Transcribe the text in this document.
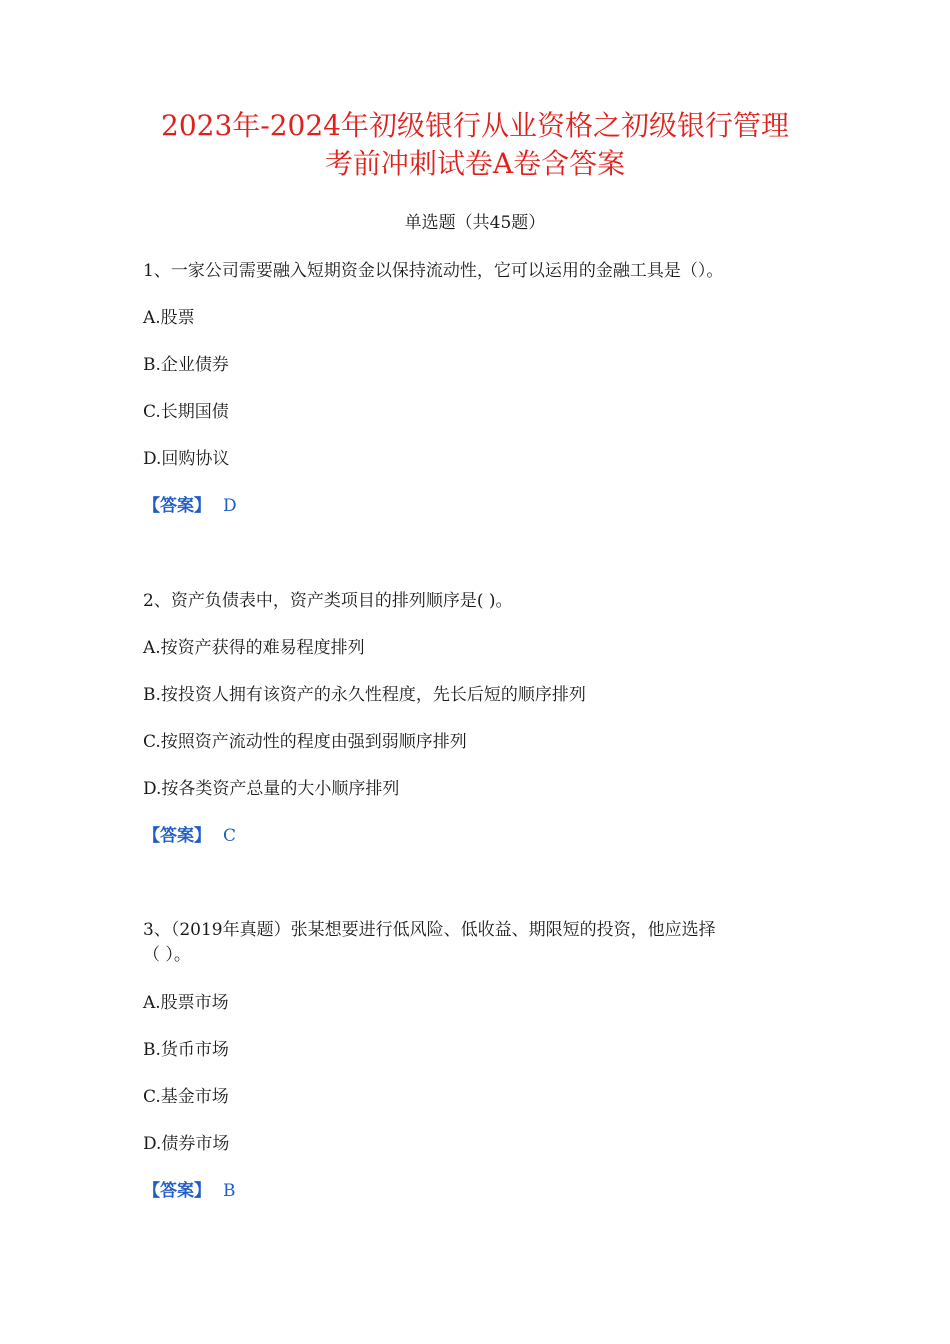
2023年-2024年初级银行从业资格之初级银行管理
考前冲刺试卷A卷含答案
单选题（共45题）
1、一家公司需要融入短期资金以保持流动性，它可以运用的金融工具是（）。
A.股票
B.企业债券
C.长期国债
D.回购协议
【答案】 D
2、资产负债表中，资产类项目的排列顺序是( )。
A.按资产获得的难易程度排列
B.按投资人拥有该资产的永久性程度，先长后短的顺序排列
C.按照资产流动性的程度由强到弱顺序排列
D.按各类资产总量的大小顺序排列
【答案】 C
3、（2019年真题）张某想要进行低风险、低收益、期限短的投资，他应选择
（ ）。
A.股票市场
B.货币市场
C.基金市场
D.债券市场
【答案】 B
